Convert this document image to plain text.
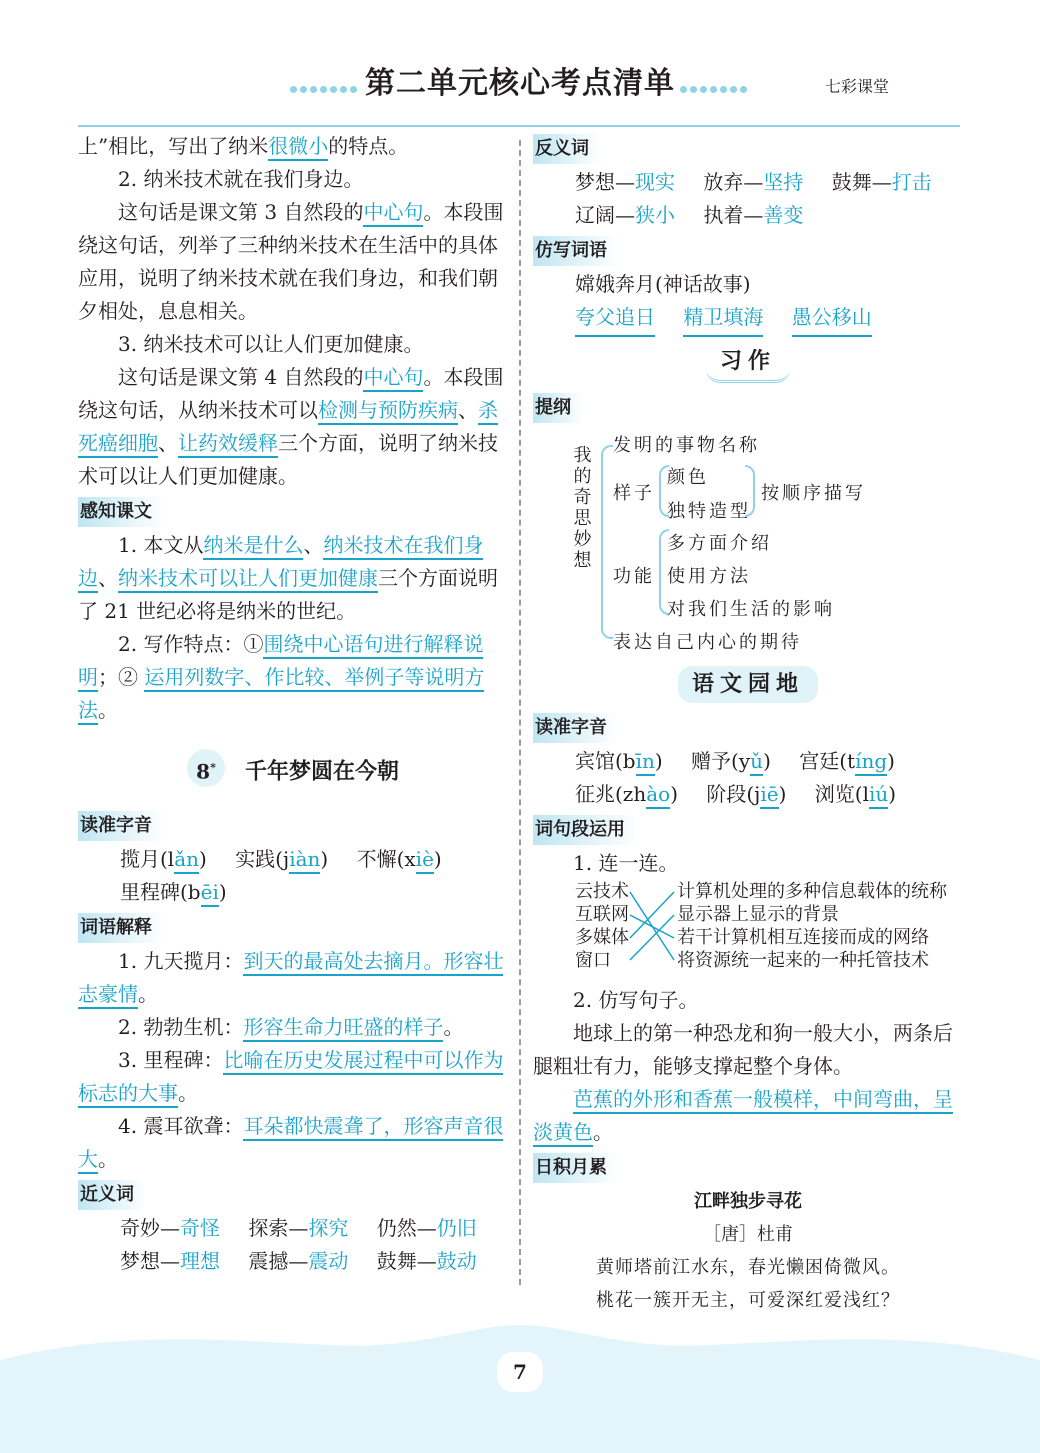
第二单元核心考点清单	七彩课堂

上”相比，写出了纳米很微小的特点。

2. 纳米技术就在我们身边。

这句话是课文第 3 自然段的中心句。本段围绕这句话，列举了三种纳米技术在生活中的具体应用，说明了纳米技术就在我们身边，和我们朝夕相处，息息相关。

3. 纳米技术可以让人们更加健康。

这句话是课文第 4 自然段的中心句。本段围绕这句话，从纳米技术可以检测与预防疾病、杀死癌细胞、让药效缓释三个方面，说明了纳米技术可以让人们更加健康。

感知课文

1. 本文从纳米是什么、纳米技术在我们身边、纳米技术可以让人们更加健康三个方面说明了 21 世纪必将是纳米的世纪。

2. 写作特点：①围绕中心语句进行解释说明；② 运用列数字、作比较、举例子等说明方法。

8* 千年梦圆在今朝
读准字音
揽月(lǎn) 实践(jiàn) 不懈(xiè)
里程碑(bēi)
词语解释

1. 九天揽月：到天的最高处去摘月。形容壮志豪情。

2. 勃勃生机：形容生命力旺盛的样子。

3. 里程碑：比喻在历史发展过程中可以作为标志的大事。

4. 震耳欲聋：耳朵都快震聋了，形容声音很大。

近义词
奇妙—奇怪 探索—探究 仍然—仍旧
梦想—理想 震撼—震动 鼓舞—鼓动
反义词
梦想—现实 放弃—坚持 鼓舞—打击
辽阔—狭小 执着—善变
仿写词语
嫦娥奔月(神话故事)
夸父追日 精卫填海 愚公移山
习作
提纲
我的奇思妙想
发明的事物名称
样子
颜色
独特造型
按顺序描写
功能
多方面介绍
使用方法
对我们生活的影响
表达自己内心的期待
语文园地
读准字音
宾馆(bīn) 赠予(yǔ) 宫廷(tíng)
征兆(zhào) 阶段(jiē) 浏览(liú)
词句段运用

1. 连一连。

云技术
互联网
多媒体
窗口
计算机处理的多种信息载体的统称
显示器上显示的背景
若干计算机相互连接而成的网络
将资源统一起来的一种托管技术

2. 仿写句子。

地球上的第一种恐龙和狗一般大小，两条后腿粗壮有力，能够支撑起整个身体。

芭蕉的外形和香蕉一般模样，中间弯曲，呈淡黄色。

日积月累
江畔独步寻花
［唐］杜甫
黄师塔前江水东，春光懒困倚微风。
桃花一簇开无主，可爱深红爱浅红？
7
